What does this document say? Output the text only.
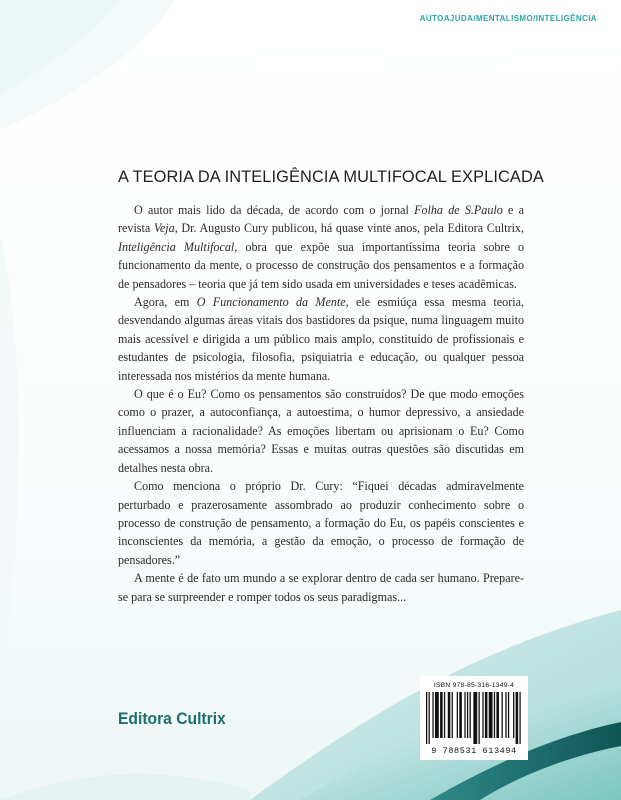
AUTOAJUDA/MENTALISMO/INTELIGÊNCIA
A TEORIA DA INTELIGÊNCIA MULTIFOCAL EXPLICADA

O autor mais lido da década, de acordo com o jornal Folha de S.Paulo e a revista Veja, Dr. Augusto Cury publicou, há quase vinte anos, pela Editora Cultrix, Inteligência Multifocal, obra que expõe sua importantíssima teoria sobre o funcionamento da mente, o processo de construção dos pensamentos e a formação de pensadores – teoria que já tem sido usada em universidades e teses acadêmicas.

Agora, em O Funcionamento da Mente, ele esmiúça essa mesma teoria, desvendando algumas áreas vitais dos bastidores da psique, numa linguagem muito mais acessível e dirigida a um público mais amplo, constituído de profissionais e estudantes de psicologia, filosofia, psiquiatria e educação, ou qualquer pessoa interessada nos mistérios da mente humana.

O que é o Eu? Como os pensamentos são construídos? De que modo emoções como o prazer, a autoconfiança, a autoestima, o humor depressivo, a ansiedade influenciam a racionalidade? As emoções libertam ou aprisionam o Eu? Como acessamos a nossa memória? Essas e muitas outras questões são discutidas em detalhes nesta obra.

Como menciona o próprio Dr. Cury: “Fiquei décadas admiravelmente perturbado e prazerosamente assombrado ao produzir conhecimento sobre o processo de construção de pensamento, a formação do Eu, os papéis conscientes e inconscientes da memória, a gestão da emoção, o processo de formação de pensadores.”

A mente é de fato um mundo a se explorar dentro de cada ser humano. Prepare-se para se surpreender e romper todos os seus paradigmas...

Editora Cultrix
ISBN 978-85-316-1349-4
9 788531 613494
